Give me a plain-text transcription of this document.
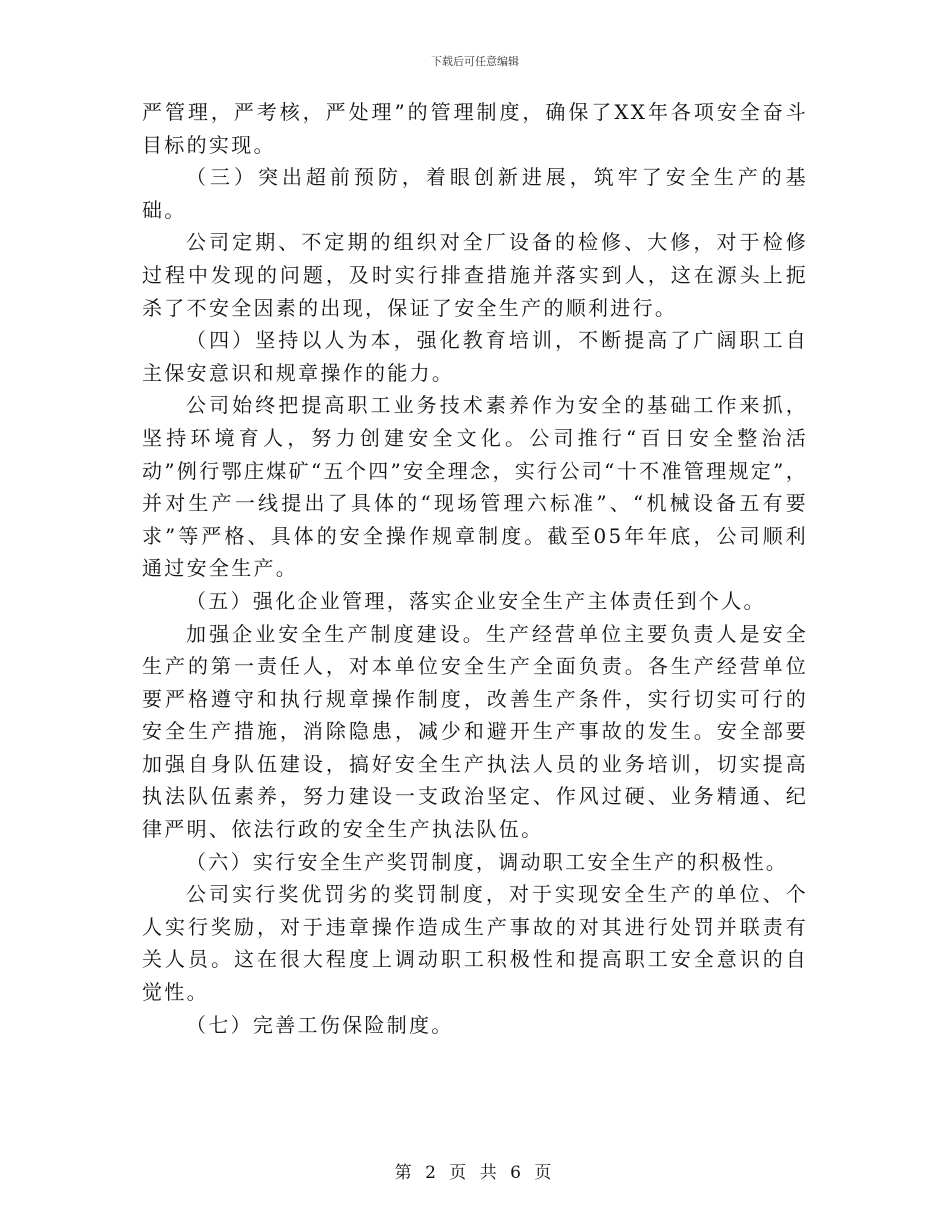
下载后可任意编辑

严管理，严考核，严处理”的管理制度，确保了XX年各项安全奋斗目标的实现。

（三）突出超前预防，着眼创新进展，筑牢了安全生产的基础。

公司定期、不定期的组织对全厂设备的检修、大修，对于检修过程中发现的问题，及时实行排查措施并落实到人，这在源头上扼杀了不安全因素的出现，保证了安全生产的顺利进行。

（四）坚持以人为本，强化教育培训，不断提高了广阔职工自主保安意识和规章操作的能力。

公司始终把提高职工业务技术素养作为安全的基础工作来抓，坚持环境育人，努力创建安全文化。公司推行“百日安全整治活动”例行鄂庄煤矿“五个四”安全理念，实行公司“十不准管理规定”，并对生产一线提出了具体的“现场管理六标准”、“机械设备五有要求”等严格、具体的安全操作规章制度。截至05年年底，公司顺利通过安全生产。

（五）强化企业管理，落实企业安全生产主体责任到个人。

加强企业安全生产制度建设。生产经营单位主要负责人是安全生产的第一责任人，对本单位安全生产全面负责。各生产经营单位要严格遵守和执行规章操作制度，改善生产条件，实行切实可行的安全生产措施，消除隐患，减少和避开生产事故的发生。安全部要加强自身队伍建设，搞好安全生产执法人员的业务培训，切实提高执法队伍素养，努力建设一支政治坚定、作风过硬、业务精通、纪律严明、依法行政的安全生产执法队伍。

（六）实行安全生产奖罚制度，调动职工安全生产的积极性。

公司实行奖优罚劣的奖罚制度，对于实现安全生产的单位、个人实行奖励，对于违章操作造成生产事故的对其进行处罚并联责有关人员。这在很大程度上调动职工积极性和提高职工安全意识的自觉性。

（七）完善工伤保险制度。

第 2 页 共 6 页
